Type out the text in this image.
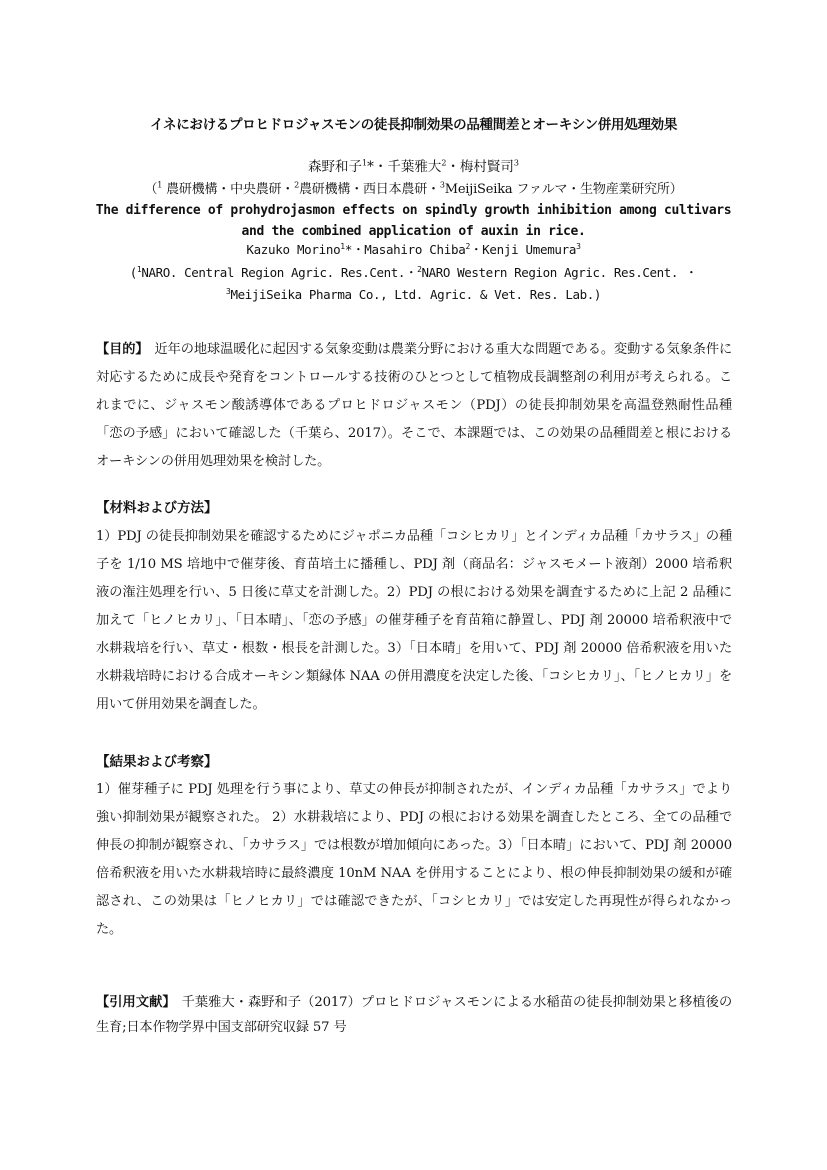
イネにおけるプロヒドロジャスモンの徒長抑制効果の品種間差とオーキシン併用処理効果
森野和子$^1$*・千葉雅大$^2$・梅村賢司$^3$
（$^1$ 農研機構・中央農研・$^2$農研機構・西日本農研・$^3$MeijiSeika ファルマ・生物産業研究所）
The difference of prohydrojasmon effects on spindly growth inhibition among cultivars and the combined application of auxin in rice.
Kazuko Morino$^1$*・Masahiro Chiba$^2$・Kenji Umemura$^3$
($^1$NARO. Central Region Agric. Res.Cent.・$^2$NARO Western Region Agric. Res.Cent. ・
$^3$MeijiSeika Pharma Co., Ltd. Agric. & Vet. Res. Lab.)
【目的】 近年の地球温暖化に起因する気象変動は農業分野における重大な問題である。変動する気象条件に対応するために成長や発育をコントロールする技術のひとつとして植物成長調整剤の利用が考えられる。これまでに、ジャスモン酸誘導体であるプロヒドロジャスモン（PDJ）の徒長抑制効果を高温登熟耐性品種「恋の予感」において確認した（千葉ら、2017）。そこで、本課題では、この効果の品種間差と根におけるオーキシンの併用処理効果を検討した。
【材料および方法】
1）PDJ の徒長抑制効果を確認するためにジャポニカ品種「コシヒカリ」とインディカ品種「カサラス」の種子を 1/10 MS 培地中で催芽後、育苗培土に播種し、PDJ 剤（商品名：ジャスモメート液剤）2000 培希釈液の潅注処理を行い、5 日後に草丈を計測した。2）PDJ の根における効果を調査するために上記 2 品種に加えて「ヒノヒカリ」、「日本晴」、「恋の予感」の催芽種子を育苗箱に静置し、PDJ 剤 20000 培希釈液中で水耕栽培を行い、草丈・根数・根長を計測した。3）「日本晴」を用いて、PDJ 剤 20000 倍希釈液を用いた水耕栽培時における合成オーキシン類縁体 NAA の併用濃度を決定した後、「コシヒカリ」、「ヒノヒカリ」を用いて併用効果を調査した。
【結果および考察】
1）催芽種子に PDJ 処理を行う事により、草丈の伸長が抑制されたが、インディカ品種「カサラス」でより強い抑制効果が観察された。 2）水耕栽培により、PDJ の根における効果を調査したところ、全ての品種で伸長の抑制が観察され、「カサラス」では根数が増加傾向にあった。3）「日本晴」において、PDJ 剤 20000 倍希釈液を用いた水耕栽培時に最終濃度 10nM NAA を併用することにより、根の伸長抑制効果の緩和が確認され、この効果は「ヒノヒカリ」では確認できたが、「コシヒカリ」では安定した再現性が得られなかった。
【引用文献】 千葉雅大・森野和子（2017）プロヒドロジャスモンによる水稲苗の徒長抑制効果と移植後の生育;日本作物学界中国支部研究収録 57 号
